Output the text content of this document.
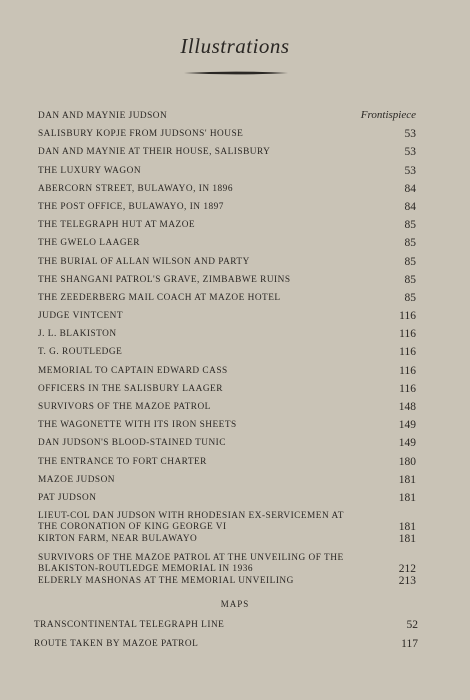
Illustrations
DAN AND MAYNIE JUDSON	Frontispiece
SALISBURY KOPJE FROM JUDSONS' HOUSE	53
DAN AND MAYNIE AT THEIR HOUSE, SALISBURY	53
THE LUXURY WAGON	53
ABERCORN STREET, BULAWAYO, IN 1896	84
THE POST OFFICE, BULAWAYO, IN 1897	84
THE TELEGRAPH HUT AT MAZOE	85
THE GWELO LAAGER	85
THE BURIAL OF ALLAN WILSON AND PARTY	85
THE SHANGANI PATROL'S GRAVE, ZIMBABWE RUINS	85
THE ZEEDERBERG MAIL COACH AT MAZOE HOTEL	85
JUDGE VINTCENT	116
J. L. BLAKISTON	116
T. G. ROUTLEDGE	116
MEMORIAL TO CAPTAIN EDWARD CASS	116
OFFICERS IN THE SALISBURY LAAGER	116
SURVIVORS OF THE MAZOE PATROL	148
THE WAGONETTE WITH ITS IRON SHEETS	149
DAN JUDSON'S BLOOD-STAINED TUNIC	149
THE ENTRANCE TO FORT CHARTER	180
MAZOE JUDSON	181
PAT JUDSON	181
LIEUT-COL DAN JUDSON WITH RHODESIAN EX-SERVICEMEN AT THE CORONATION OF KING GEORGE VI	181
KIRTON FARM, NEAR BULAWAYO	181
SURVIVORS OF THE MAZOE PATROL AT THE UNVEILING OF THE BLAKISTON-ROUTLEDGE MEMORIAL IN 1936	212
ELDERLY MASHONAS AT THE MEMORIAL UNVEILING	213
MAPS
TRANSCONTINENTAL TELEGRAPH LINE	52
ROUTE TAKEN BY MAZOE PATROL	117
